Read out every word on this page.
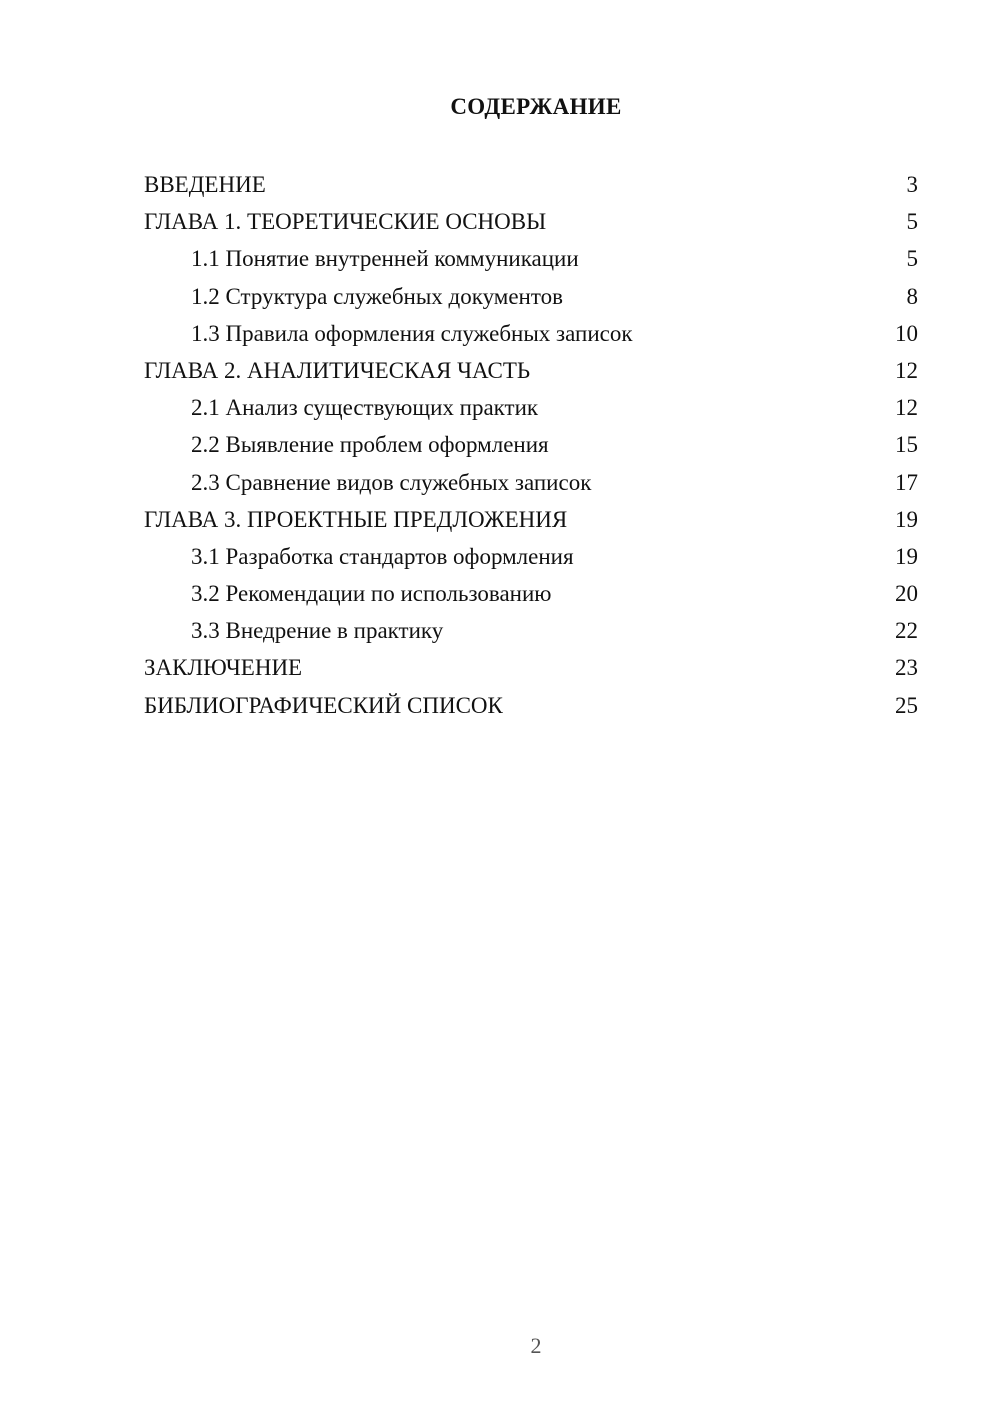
СОДЕРЖАНИЕ
ВВЕДЕНИЕ	3
ГЛАВА 1. ТЕОРЕТИЧЕСКИЕ ОСНОВЫ	5
1.1 Понятие внутренней коммуникации	5
1.2 Структура служебных документов	8
1.3 Правила оформления служебных записок	10
ГЛАВА 2. АНАЛИТИЧЕСКАЯ ЧАСТЬ	12
2.1 Анализ существующих практик	12
2.2 Выявление проблем оформления	15
2.3 Сравнение видов служебных записок	17
ГЛАВА 3. ПРОЕКТНЫЕ ПРЕДЛОЖЕНИЯ	19
3.1 Разработка стандартов оформления	19
3.2 Рекомендации по использованию	20
3.3 Внедрение в практику	22
ЗАКЛЮЧЕНИЕ	23
БИБЛИОГРАФИЧЕСКИЙ СПИСОК	25
2
